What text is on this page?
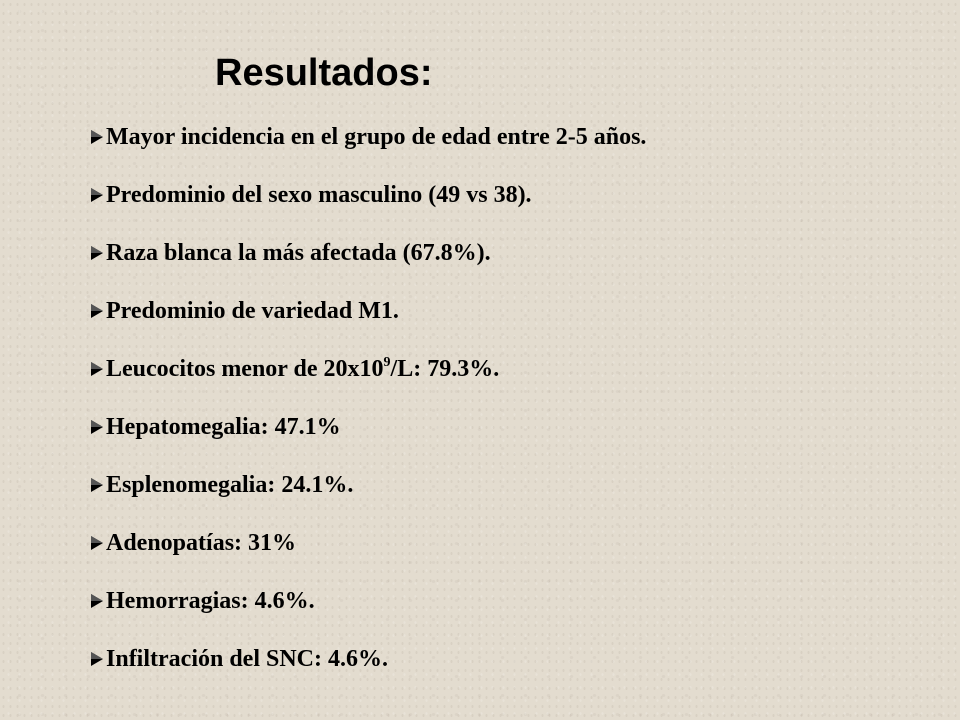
Resultados:
Mayor incidencia en el grupo de edad entre 2-5 años.
Predominio del sexo masculino (49 vs 38).
Raza blanca la más afectada (67.8%).
Predominio de variedad M1.
Leucocitos menor de $20x10^9/L$: 79.3%.
Hepatomegalia: 47.1%
Esplenomegalia: 24.1%.
Adenopatías: 31%
Hemorragias: 4.6%.
Infiltración del SNC: 4.6%.
